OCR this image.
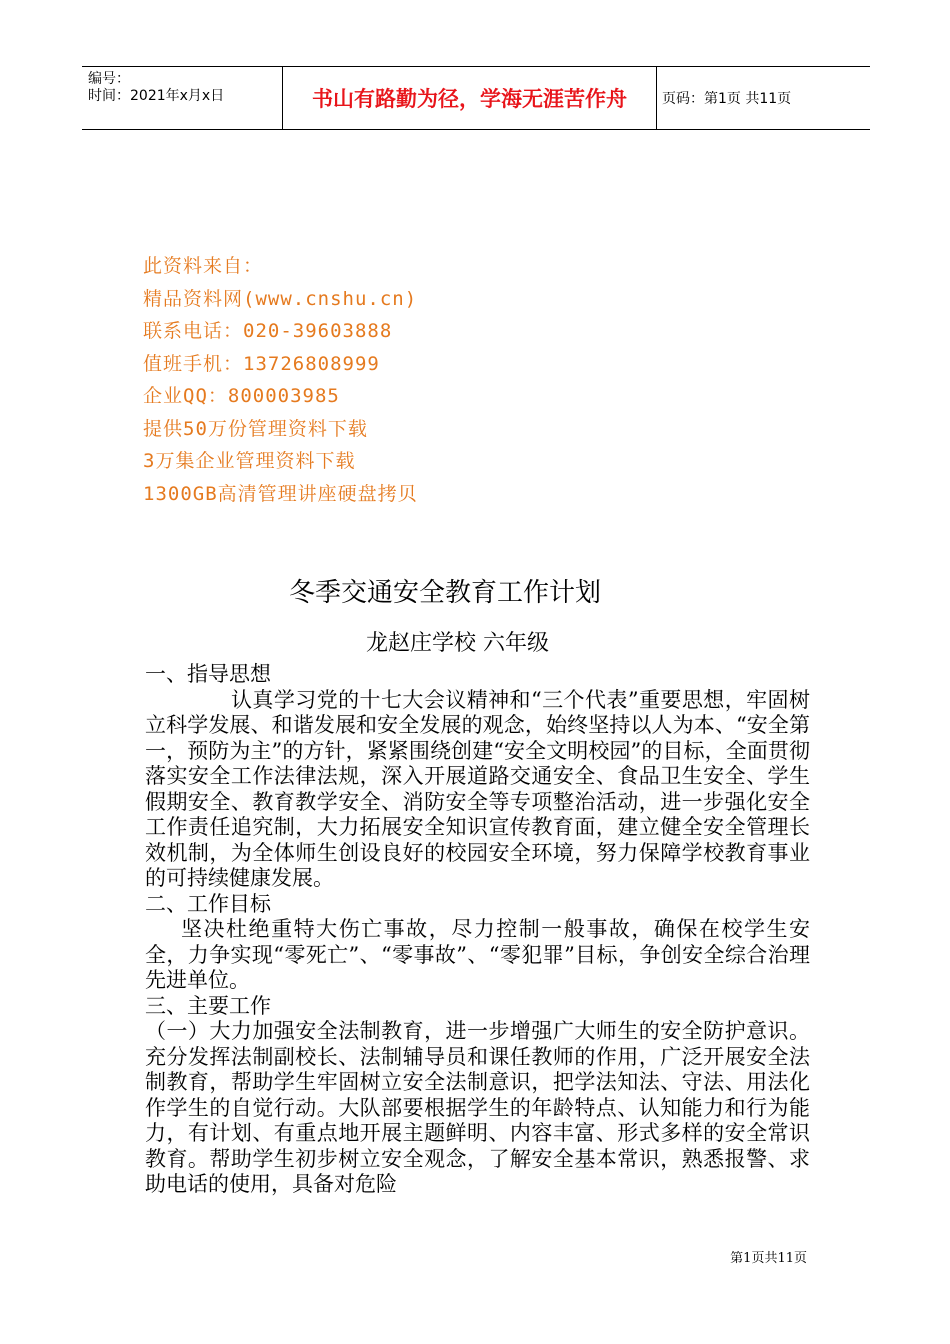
编号：
时间：2021年x月x日	书山有路勤为径，学海无涯苦作舟	页码：第1页 共11页
此资料来自：
精品资料网(www.cnshu.cn)
联系电话：020-39603888
值班手机：13726808999
企业QQ：800003985
提供50万份管理资料下载
3万集企业管理资料下载
1300GB高清管理讲座硬盘拷贝
冬季交通安全教育工作计划
龙赵庄学校 六年级

一、指导思想

认真学习党的十七大会议精神和“三个代表”重要思想，牢固树立科学发展、和谐发展和安全发展的观念，始终坚持以人为本、“安全第一，预防为主”的方针，紧紧围绕创建“安全文明校园”的目标，全面贯彻落实安全工作法律法规，深入开展道路交通安全、食品卫生安全、学生假期安全、教育教学安全、消防安全等专项整治活动，进一步强化安全工作责任追究制，大力拓展安全知识宣传教育面，建立健全安全管理长效机制，为全体师生创设良好的校园安全环境，努力保障学校教育事业的可持续健康发展。

二、工作目标

坚决杜绝重特大伤亡事故，尽力控制一般事故，确保在校学生安全，力争实现“零死亡”、“零事故”、“零犯罪”目标，争创安全综合治理先进单位。

三、主要工作

（一）大力加强安全法制教育，进一步增强广大师生的安全防护意识。充分发挥法制副校长、法制辅导员和课任教师的作用，广泛开展安全法制教育，帮助学生牢固树立安全法制意识，把学法知法、守法、用法化作学生的自觉行动。大队部要根据学生的年龄特点、认知能力和行为能力，有计划、有重点地开展主题鲜明、内容丰富、形式多样的安全常识教育。帮助学生初步树立安全观念，了解安全基本常识，熟悉报警、求助电话的使用，具备对危险

第1页共11页
